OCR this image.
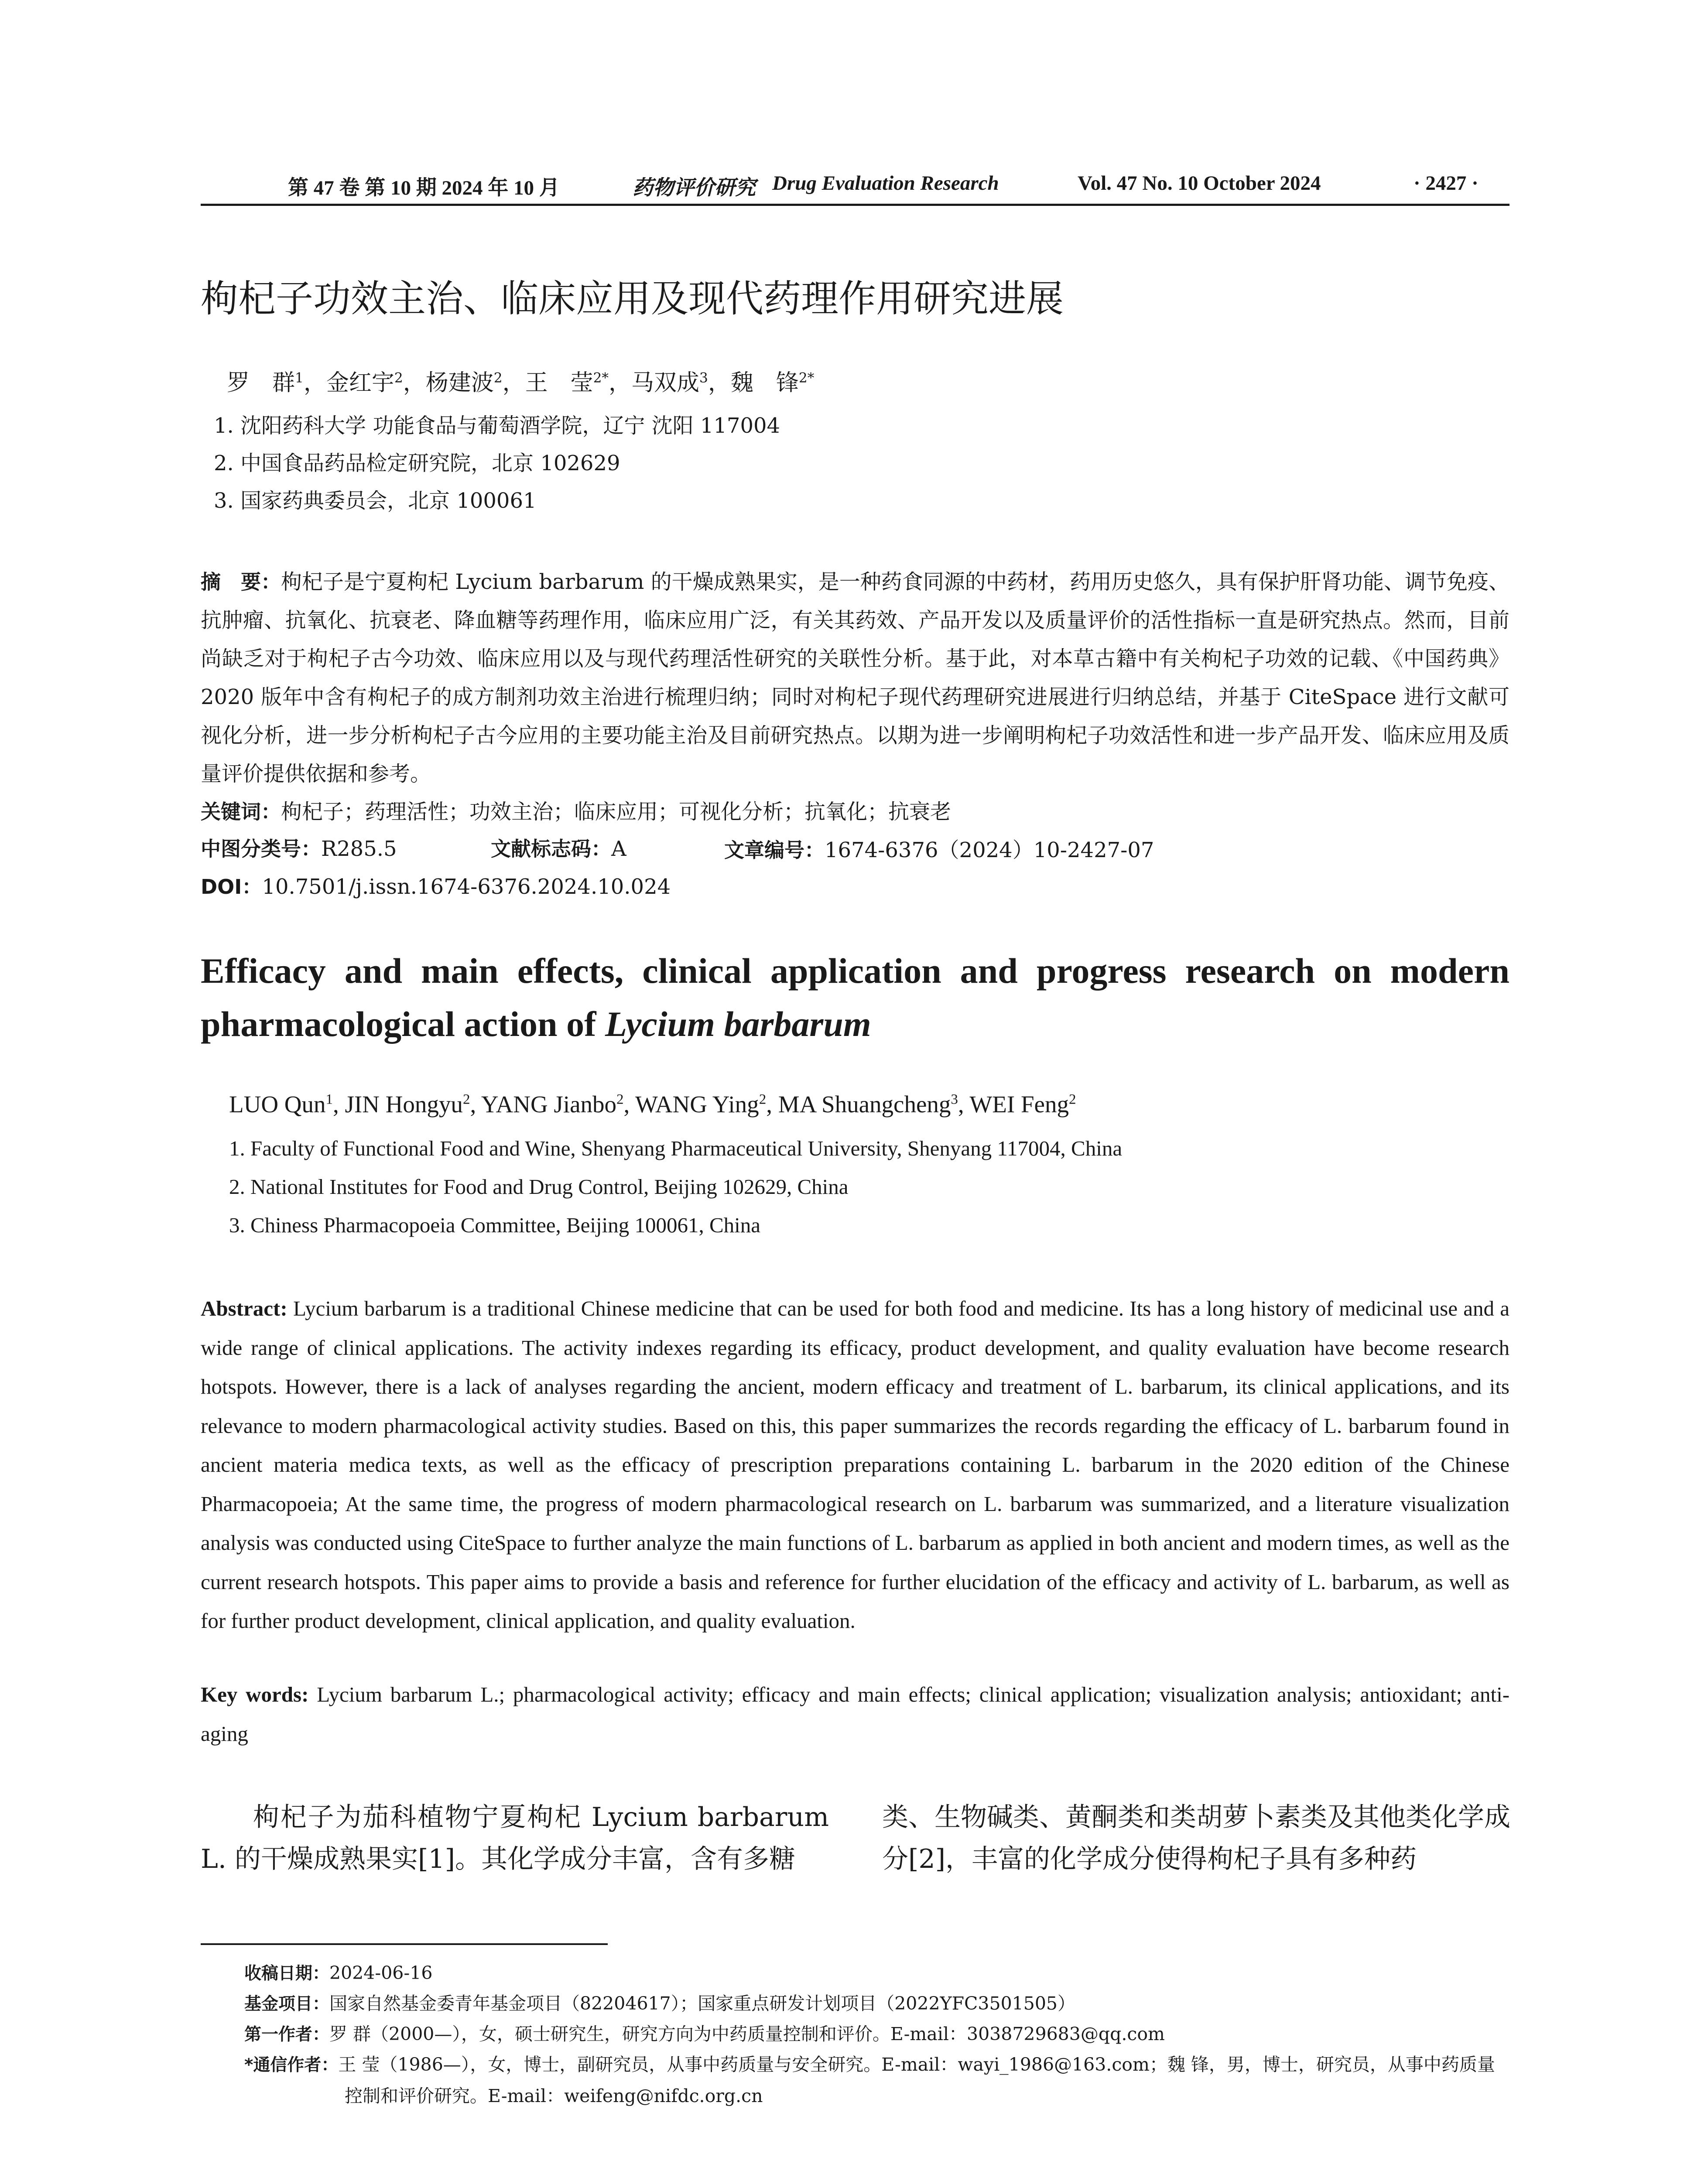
第 47 卷 第 10 期 2024 年 10 月	药物评价研究 Drug Evaluation Research	Vol. 47 No. 10 October 2024	· 2427 ·
枸杞子功效主治、临床应用及现代药理作用研究进展
罗　群$^1$，金红宇$^2$，杨建波$^2$，王　莹$^{2*}$，马双成$^3$，魏　锋$^{2*}$
1. 沈阳药科大学 功能食品与葡萄酒学院，辽宁 沈阳 117004
2. 中国食品药品检定研究院，北京 102629
3. 国家药典委员会，北京 100061
摘　要：枸杞子是宁夏枸杞 Lycium barbarum 的干燥成熟果实，是一种药食同源的中药材，药用历史悠久，具有保护肝肾功能、调节免疫、抗肿瘤、抗氧化、抗衰老、降血糖等药理作用，临床应用广泛，有关其药效、产品开发以及质量评价的活性指标一直是研究热点。然而，目前尚缺乏对于枸杞子古今功效、临床应用以及与现代药理活性研究的关联性分析。基于此，对本草古籍中有关枸杞子功效的记载、《中国药典》2020 版年中含有枸杞子的成方制剂功效主治进行梳理归纳；同时对枸杞子现代药理研究进展进行归纳总结，并基于 CiteSpace 进行文献可视化分析，进一步分析枸杞子古今应用的主要功能主治及目前研究热点。以期为进一步阐明枸杞子功效活性和进一步产品开发、临床应用及质量评价提供依据和参考。
关键词：枸杞子；药理活性；功效主治；临床应用；可视化分析；抗氧化；抗衰老
中图分类号：R285.5	文献标志码：A	文章编号：1674-6376（2024）10-2427-07
DOI：10.7501/j.issn.1674-6376.2024.10.024
Efficacy and main effects, clinical application and progress research on modern pharmacological action of Lycium barbarum
LUO Qun$^1$, JIN Hongyu$^2$, YANG Jianbo$^2$, WANG Ying$^2$, MA Shuangcheng$^3$, WEI Feng$^2$
1. Faculty of Functional Food and Wine, Shenyang Pharmaceutical University, Shenyang 117004, China
2. National Institutes for Food and Drug Control, Beijing 102629, China
3. Chiness Pharmacopoeia Committee, Beijing 100061, China
Abstract: Lycium barbarum is a traditional Chinese medicine that can be used for both food and medicine. Its has a long history of medicinal use and a wide range of clinical applications. The activity indexes regarding its efficacy, product development, and quality evaluation have become research hotspots. However, there is a lack of analyses regarding the ancient, modern efficacy and treatment of L. barbarum, its clinical applications, and its relevance to modern pharmacological activity studies. Based on this, this paper summarizes the records regarding the efficacy of L. barbarum found in ancient materia medica texts, as well as the efficacy of prescription preparations containing L. barbarum in the 2020 edition of the Chinese Pharmacopoeia; At the same time, the progress of modern pharmacological research on L. barbarum was summarized, and a literature visualization analysis was conducted using CiteSpace to further analyze the main functions of L. barbarum as applied in both ancient and modern times, as well as the current research hotspots. This paper aims to provide a basis and reference for further elucidation of the efficacy and activity of L. barbarum, as well as for further product development, clinical application, and quality evaluation.
Key words: Lycium barbarum L.; pharmacological activity; efficacy and main effects; clinical application; visualization analysis; antioxidant; anti-aging
枸杞子为茄科植物宁夏枸杞 Lycium barbarum L. 的干燥成熟果实[1]。其化学成分丰富，含有多糖
类、生物碱类、黄酮类和类胡萝卜素类及其他类化学成分[2]，丰富的化学成分使得枸杞子具有多种药
收稿日期：2024-06-16
基金项目：国家自然基金委青年基金项目（82204617）；国家重点研发计划项目（2022YFC3501505）
第一作者：罗 群（2000—），女，硕士研究生，研究方向为中药质量控制和评价。E-mail：3038729683@qq.com
*通信作者：王 莹（1986—），女，博士，副研究员，从事中药质量与安全研究。E-mail：wayi_1986@163.com；魏 锋，男，博士，研究员，从事中药质量控制和评价研究。E-mail：weifeng@nifdc.org.cn
